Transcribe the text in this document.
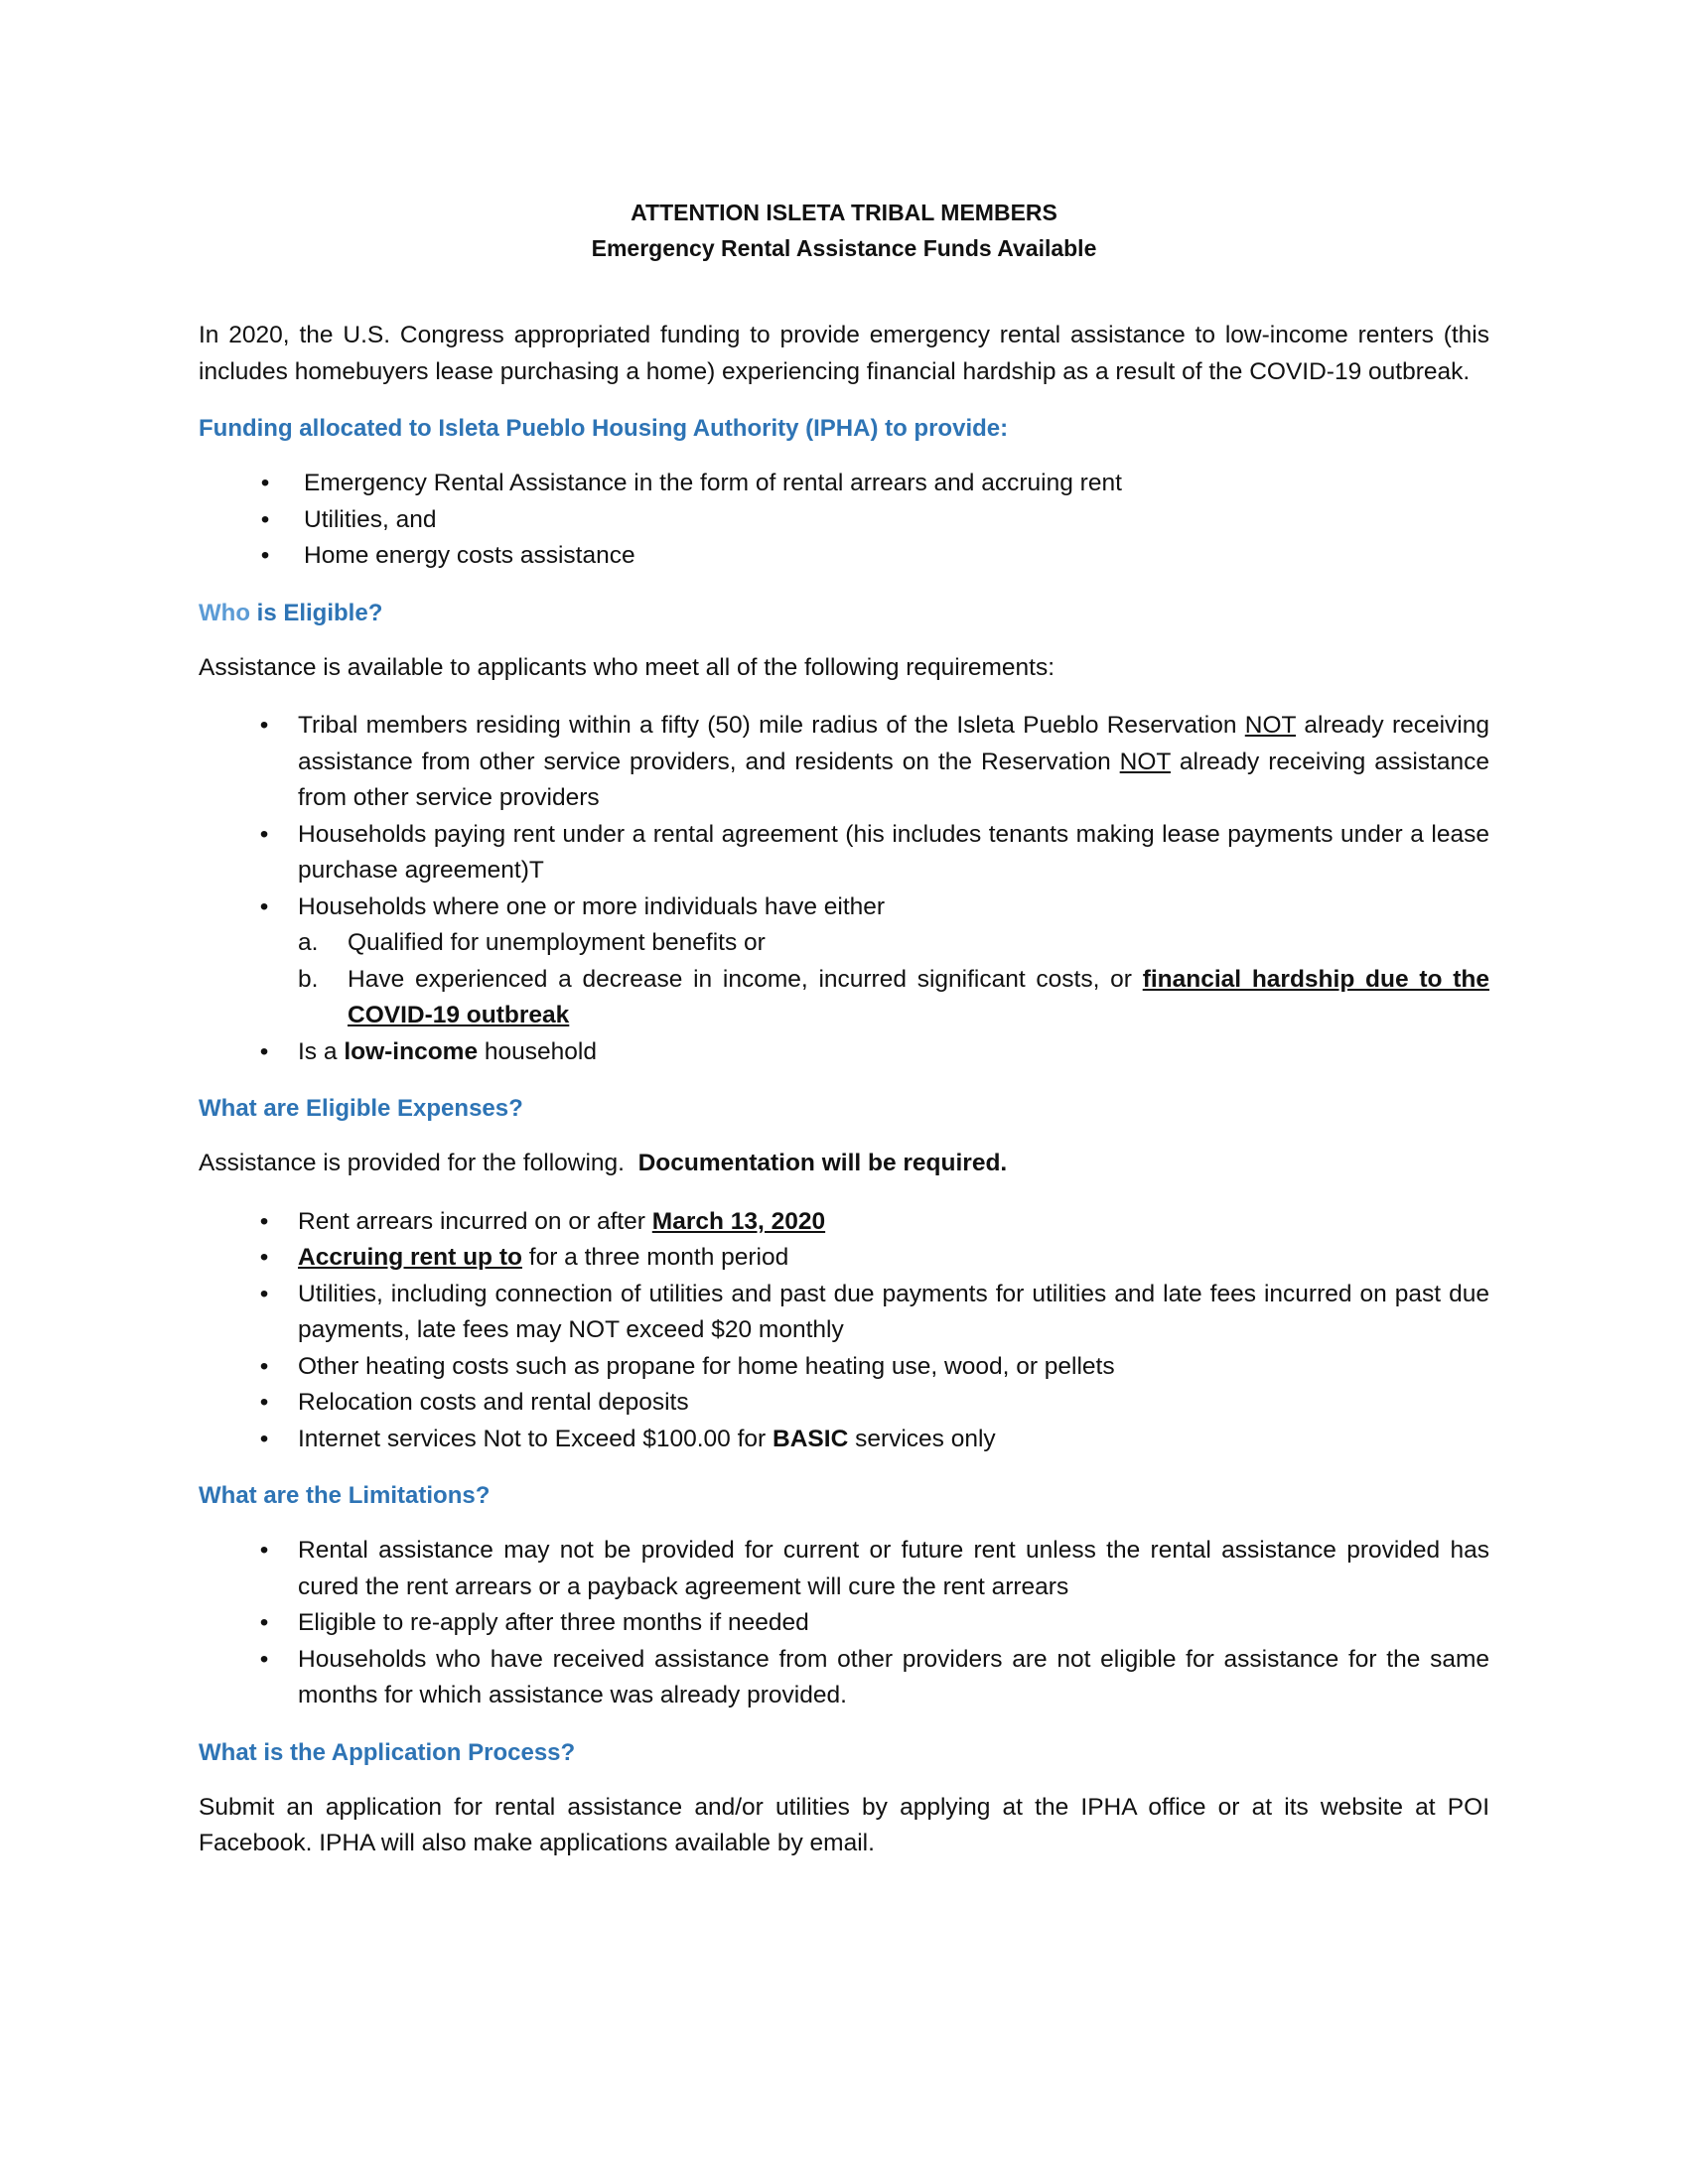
ATTENTION ISLETA TRIBAL MEMBERS
Emergency Rental Assistance Funds Available

In 2020, the U.S. Congress appropriated funding to provide emergency rental assistance to low-income renters (this includes homebuyers lease purchasing a home) experiencing financial hardship as a result of the COVID-19 outbreak.

Funding allocated to Isleta Pueblo Housing Authority (IPHA) to provide:
• Emergency Rental Assistance in the form of rental arrears and accruing rent
• Utilities, and
• Home energy costs assistance
Who is Eligible?

Assistance is available to applicants who meet all of the following requirements:

• Tribal members residing within a fifty (50) mile radius of the Isleta Pueblo Reservation NOT already receiving assistance from other service providers, and residents on the Reservation NOT already receiving assistance from other service providers
• Households paying rent under a rental agreement (his includes tenants making lease payments under a lease purchase agreement)T
• Households where one or more individuals have either
a. Qualified for unemployment benefits or
b. Have experienced a decrease in income, incurred significant costs, or financial hardship due to the COVID-19 outbreak
• Is a low-income household
What are Eligible Expenses?

Assistance is provided for the following. Documentation will be required.

• Rent arrears incurred on or after March 13, 2020
• Accruing rent up to for a three month period
• Utilities, including connection of utilities and past due payments for utilities and late fees incurred on past due payments, late fees may NOT exceed $20 monthly
• Other heating costs such as propane for home heating use, wood, or pellets
• Relocation costs and rental deposits
• Internet services Not to Exceed $100.00 for BASIC services only
What are the Limitations?
• Rental assistance may not be provided for current or future rent unless the rental assistance provided has cured the rent arrears or a payback agreement will cure the rent arrears
• Eligible to re-apply after three months if needed
• Households who have received assistance from other providers are not eligible for assistance for the same months for which assistance was already provided.
What is the Application Process?

Submit an application for rental assistance and/or utilities by applying at the IPHA office or at its website at POI Facebook. IPHA will also make applications available by email.
